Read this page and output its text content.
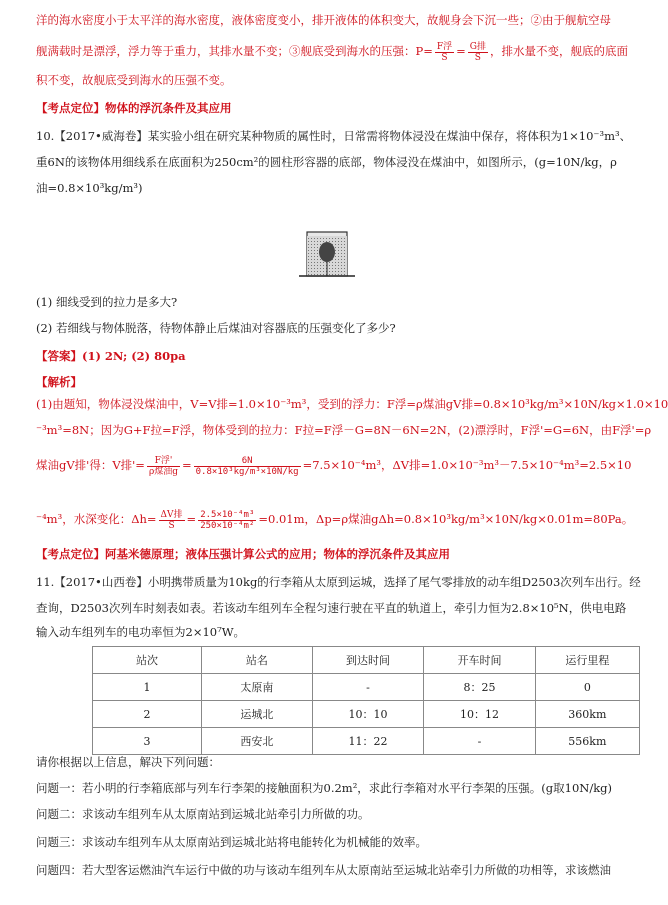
洋的海水密度小于太平洋的海水密度，液体密度变小，排开液体的体积变大，故舰身会下沉一些；②由于舰航空母
舰满载时是漂浮，浮力等于重力，其排水量不变；③舰底受到海水的压强：$P= \frac{\text{F浮}}{S} = \frac{\text{G排}}{S}$ ，排水量不变，舰底的底面
积不变，故舰底受到海水的压强不变。
【考点定位】物体的浮沉条件及其应用
10.【2017•威海卷】某实验小组在研究某种物质的属性时，日常需将物体浸没在煤油中保存，将体积为1×10⁻³m³、
重6N的该物体用细线系在底面积为250cm²的圆柱形容器的底部，物体浸没在煤油中，如图所示，(g=10N/kg，ρ
油=0.8×10³kg/m³)
(1) 细线受到的拉力是多大?
(2) 若细线与物体脱落，待物体静止后煤油对容器底的压强变化了多少?
【答案】(1) 2N; (2) 80pa
【解析】
(1)由题知，物体浸没煤油中，V=V排=1.0×10⁻³m³，受到的浮力：F浮=ρ煤油gV排=0.8×10³kg/m³×10N/kg×1.0×10
⁻³m³=8N；因为G+F拉=F浮，物体受到的拉力：F拉=F浮－G=8N－6N=2N，(2)漂浮时，F浮'=G=6N，由F浮'=ρ
煤油gV排'得：V排'= $\frac{\text{F浮'}}{\text{ρ煤油g}} = \frac{6N}{\text{0.8×10³kg/m³×10N/kg}} =7.5\times 10^{-4}m^3$，ΔV排=1.0×10⁻³m³－7.5×10⁻⁴m³=2.5×10
⁻⁴m³，水深变化：$\Delta h= \frac{\text{ΔV排}}{S} = \frac{\text{2.5×10⁻⁴m³}}{\text{250×10⁻⁴m²}} =0.01m$，Δp=ρ煤油gΔh=0.8×10³kg/m³×10N/kg×0.01m=80Pa。
【考点定位】阿基米德原理；液体压强计算公式的应用；物体的浮沉条件及其应用
11.【2017•山西卷】小明携带质量为10kg的行李箱从太原到运城，选择了尾气零排放的动车组D2503次列车出行。经
查询，D2503次列车时刻表如表。若该动车组列车全程匀速行驶在平直的轨道上，牵引力恒为2.8×10⁵N，供电电路
输入动车组列车的电功率恒为2×10⁷W。
站次	站名	到达时间	开车时间	运行里程
1	太原南	-	8：25	0
2	运城北	10：10	10：12	360km
3	西安北	11：22	-	556km
请你根据以上信息，解决下列问题：
问题一：若小明的行李箱底部与列车行李架的接触面积为0.2m²，求此行李箱对水平行李架的压强。(g取10N/kg)
问题二：求该动车组列车从太原南站到运城北站牵引力所做的功。
问题三：求该动车组列车从太原南站到运城北站将电能转化为机械能的效率。
问题四：若大型客运燃油汽车运行中做的功与该动车组列车从太原南站至运城北站牵引力所做的功相等，求该燃油
